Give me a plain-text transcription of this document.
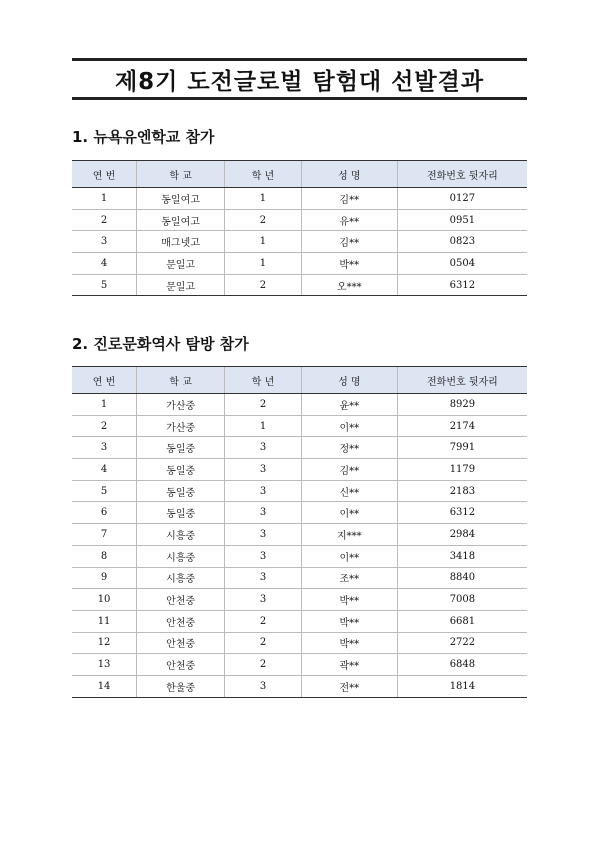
제8기 도전글로벌 탐험대 선발결과
1. 뉴욕유엔학교 참가
연 번	학 교	학 년	성 명	전화번호 뒷자리
1	동일여고	1	김**	0127
2	동일여고	2	유**	0951
3	매그넷고	1	김**	0823
4	문일고	1	박**	0504
5	문일고	2	오***	6312
2. 진로문화역사 탐방 참가
연 번	학 교	학 년	성 명	전화번호 뒷자리
1	가산중	2	윤**	8929
2	가산중	1	이**	2174
3	동일중	3	정**	7991
4	동일중	3	김**	1179
5	동일중	3	신**	2183
6	동일중	3	이**	6312
7	시흥중	3	지***	2984
8	시흥중	3	이**	3418
9	시흥중	3	조**	8840
10	안천중	3	박**	7008
11	안천중	2	박**	6681
12	안천중	2	박**	2722
13	안천중	2	곽**	6848
14	한울중	3	전**	1814
